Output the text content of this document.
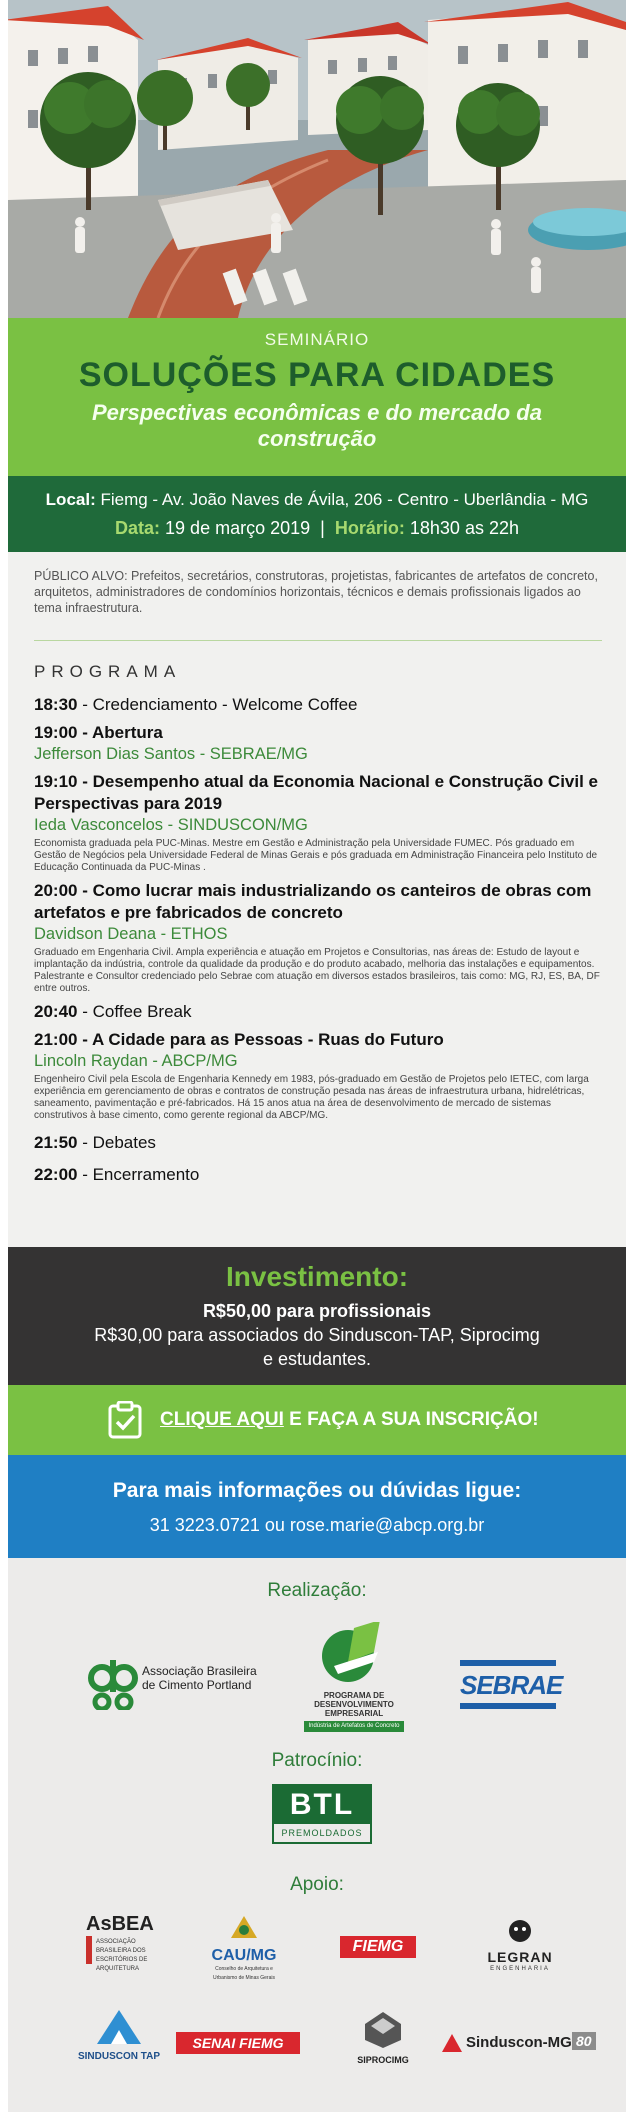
SEMINÁRIO
SOLUÇÕES PARA CIDADES
Perspectivas econômicas e do mercado da construção
Local: Fiemg - Av. João Naves de Ávila, 206 - Centro - Uberlândia - MG
Data: 19 de março 2019 | Horário: 18h30 as 22h
PÚBLICO ALVO: Prefeitos, secretários, construtoras, projetistas, fabricantes de artefatos de concreto, arquitetos, administradores de condomínios horizontais, técnicos e demais profissionais ligados ao tema infraestrutura.
PROGRAMA
18:30 - Credenciamento - Welcome Coffee
19:00 - Abertura
Jefferson Dias Santos - SEBRAE/MG
19:10 - Desempenho atual da Economia Nacional e Construção Civil e Perspectivas para 2019
Ieda Vasconcelos - SINDUSCON/MG
Economista graduada pela PUC-Minas. Mestre em Gestão e Administração pela Universidade FUMEC. Pós graduado em Gestão de Negócios pela Universidade Federal de Minas Gerais e pós graduada em Administração Financeira pelo Instituto de Educação Continuada da PUC-Minas .
20:00 - Como lucrar mais industrializando os canteiros de obras com artefatos e pre fabricados de concreto
Davidson Deana - ETHOS
Graduado em Engenharia Civil. Ampla experiência e atuação em Projetos e Consultorias, nas áreas de: Estudo de layout e implantação da indústria, controle da qualidade da produção e do produto acabado, melhoria das instalações e equipamentos. Palestrante e Consultor credenciado pelo Sebrae com atuação em diversos estados brasileiros, tais como: MG, RJ, ES, BA, DF entre outros.
20:40 - Coffee Break
21:00 - A Cidade para as Pessoas - Ruas do Futuro
Lincoln Raydan - ABCP/MG
Engenheiro Civil pela Escola de Engenharia Kennedy em 1983, pós-graduado em Gestão de Projetos pelo IETEC, com larga experiência em gerenciamento de obras e contratos de construção pesada nas áreas de infraestrutura urbana, hidrelétricas, saneamento, pavimentação e pré-fabricados. Há 15 anos atua na área de desenvolvimento de mercado de sistemas construtivos à base cimento, como gerente regional da ABCP/MG.
21:50 - Debates
22:00 - Encerramento
Investimento:
R$50,00 para profissionais
R$30,00 para associados do Sinduscon-TAP, Siprocimg
e estudantes.
CLIQUE AQUI E FAÇA A SUA INSCRIÇÃO!
Para mais informações ou dúvidas ligue:
31 3223.0721 ou rose.marie@abcp.org.br
Realização:
Associação Brasileira de Cimento Portland
PROGRAMA DE DESENVOLVIMENTO EMPRESARIAL
Indústria de Artefatos de Concreto
SEBRAE
Patrocínio:
BTL
PREMOLDADOS
Apoio:
AsBEA
ASSOCIAÇÃO BRASILEIRA DOS ESCRITÓRIOS DE ARQUITETURA
CAU/MG
Conselho de Arquitetura e Urbanismo de Minas Gerais
FIEMG
LEGRAN
ENGENHARIA
SINDUSCON TAP
SENAI FIEMG
SIPROCIMG
Sinduscon-MG 80
